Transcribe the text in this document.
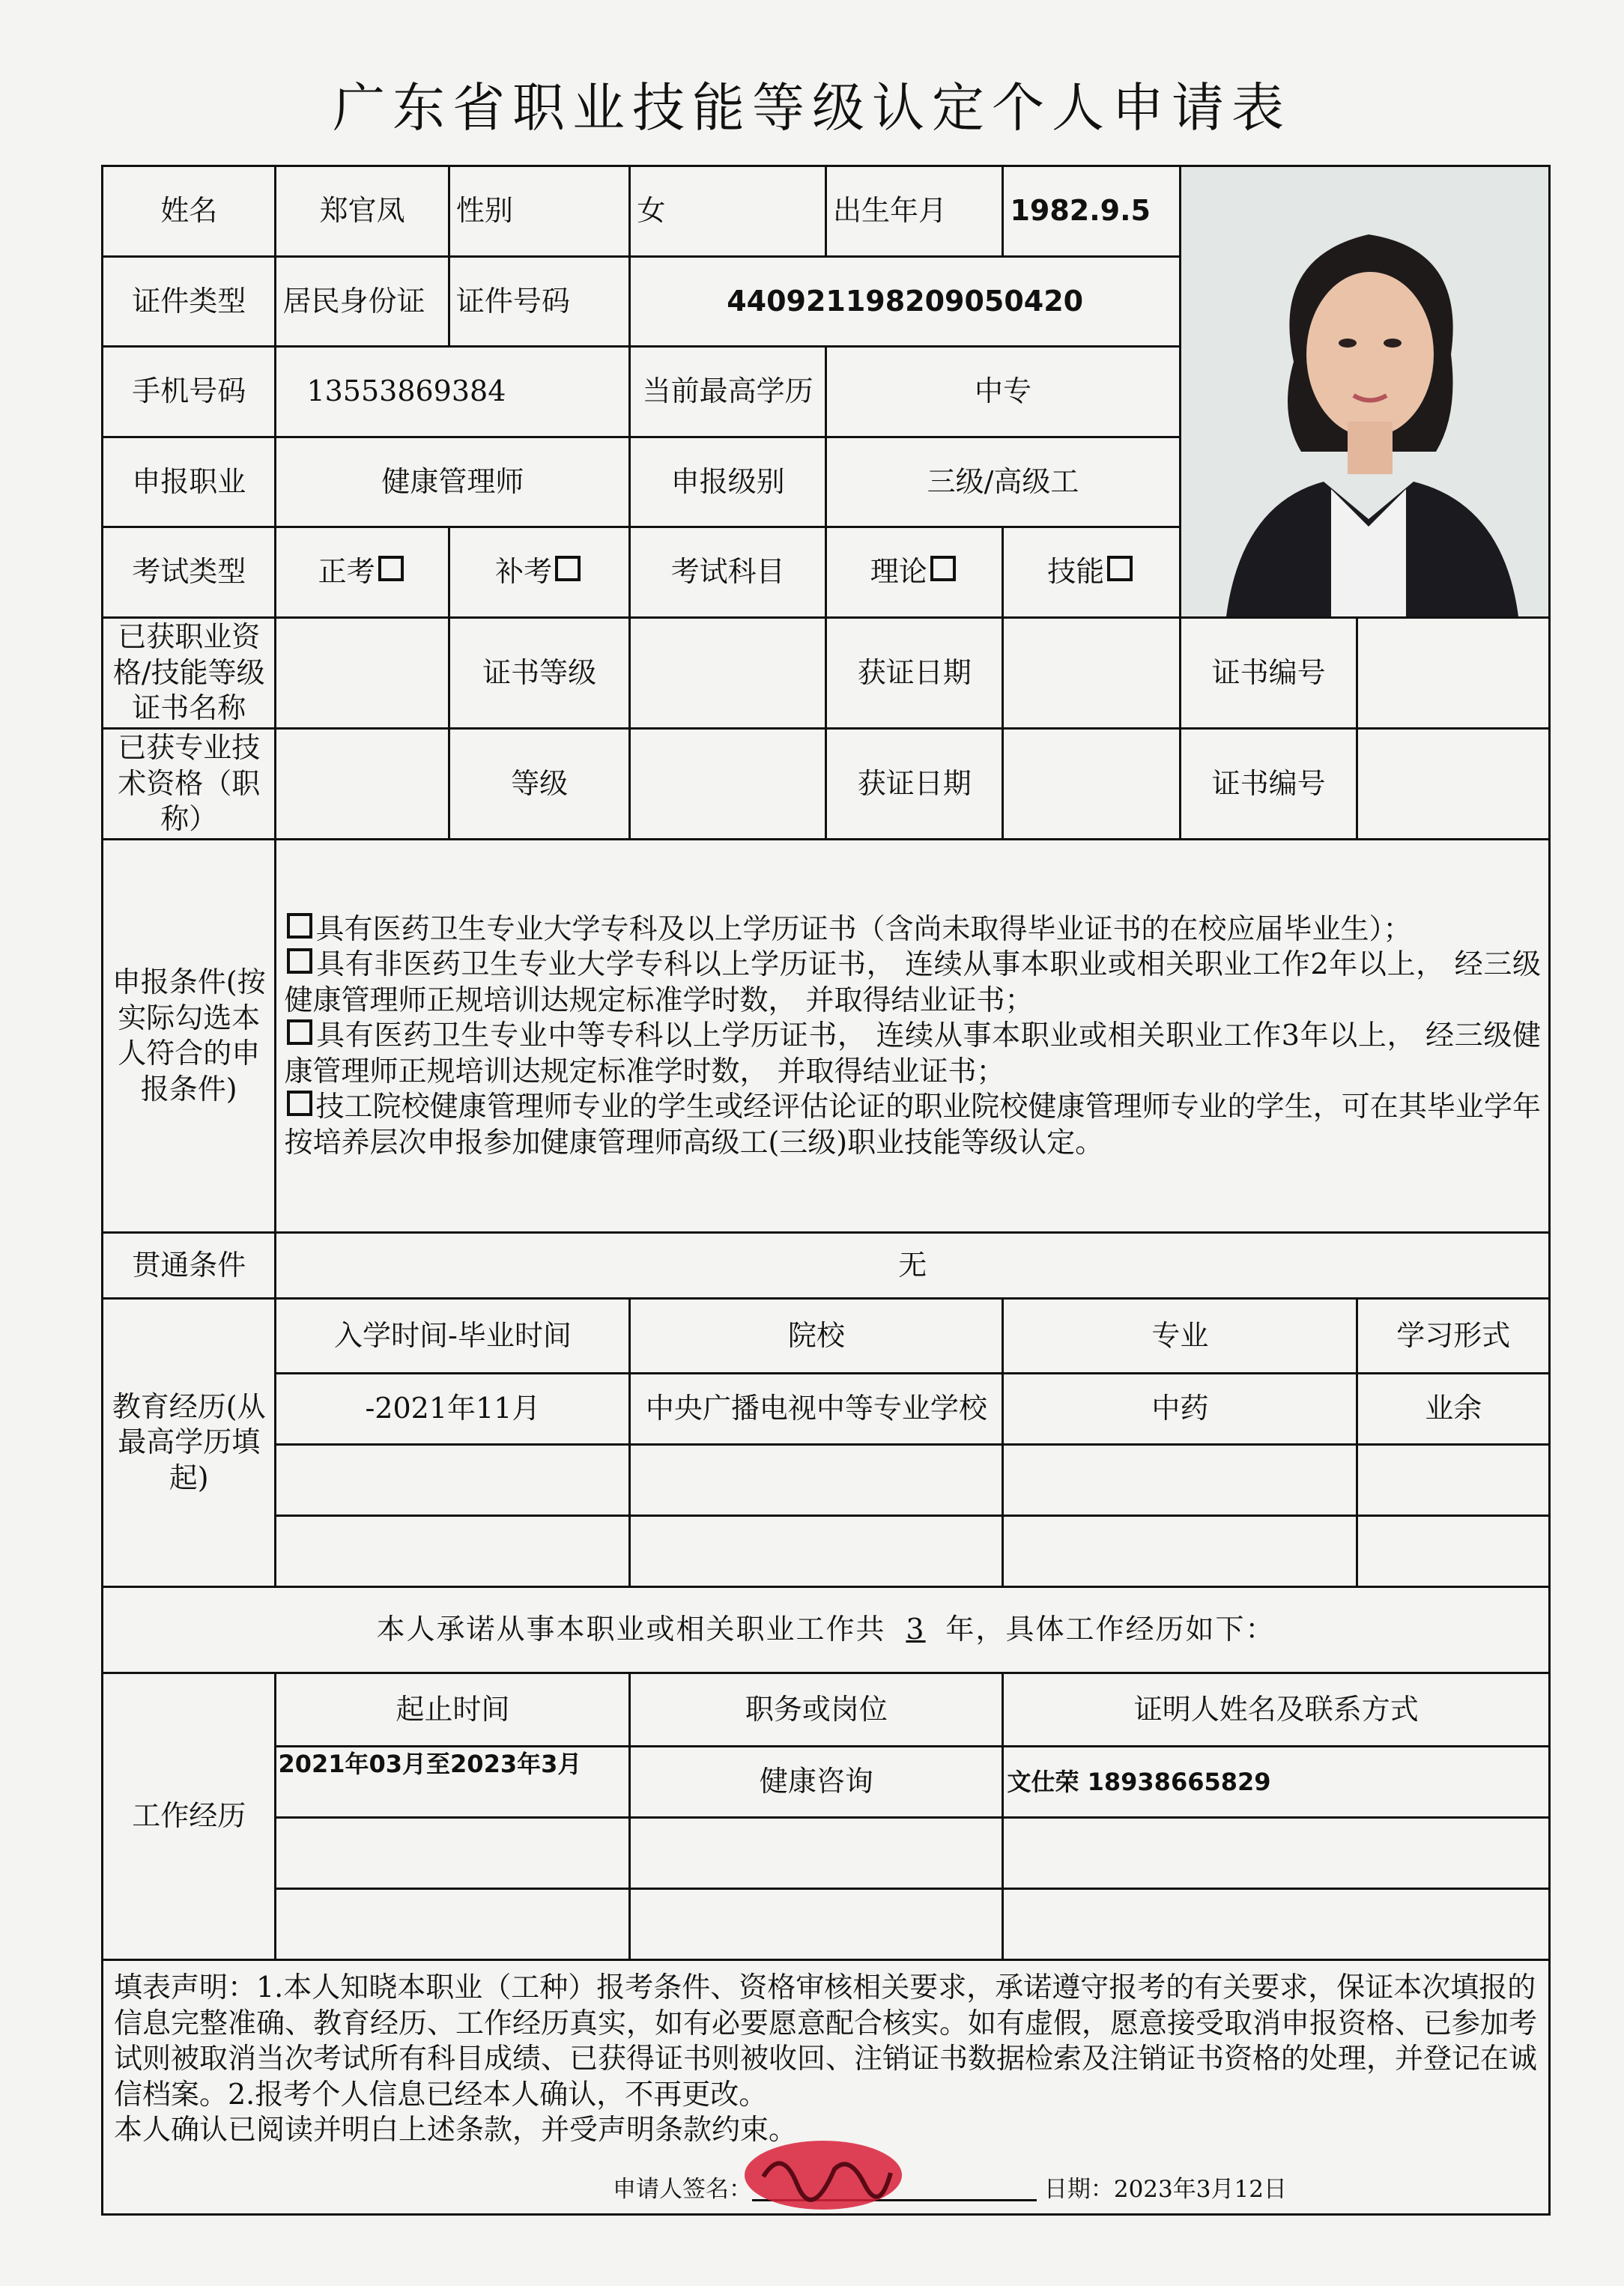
广东省职业技能等级认定个人申请表
姓名	郑官凤	性别	女	出生年月	1982.9.5	

证件类型	居民身份证	证件号码	440921198209050420				
手机号码	13553869384		当前最高学历	中专			
申报职业	健康管理师		申报级别	三级/高级工			
考试类型	正考	补考	考试科目	理论	技能		
已获职业资格/技能等级证书名称		证书等级		获证日期		证书编号	
已获专业技术资格（职称）		等级		获证日期		证书编号	
申报条件(按实际勾选本人符合的申报条件)	具有医药卫生专业大学专科及以上学历证书（含尚未取得毕业证书的在校应届毕业生）；

具有非医药卫生专业大学专科以上学历证书， 连续从事本职业或相关职业工作2年以上， 经三级健康管理师正规培训达规定标准学时数， 并取得结业证书；

具有医药卫生专业中等专科以上学历证书， 连续从事本职业或相关职业工作3年以上， 经三级健康管理师正规培训达规定标准学时数， 并取得结业证书；

技工院校健康管理师专业的学生或经评估论证的职业院校健康管理师专业的学生，可在其毕业学年按培养层次申报参加健康管理师高级工(三级)职业技能等级认定。						

贯通条件	无						
教育经历(从最高学历填起)	入学时间-毕业时间		院校		专业		学习形式
	-2021年11月		中央广播电视中等专业学校		中药		业余

本人承诺从事本职业或相关职业工作共 3 年，具体工作经历如下：							
工作经历	起止时间		职务或岗位		证明人姓名及联系方式		
	2021年03月至2023年3月		健康咨询		文仕荣 18938665829		

填表声明：1.本人知晓本职业（工种）报考条件、资格审核相关要求，承诺遵守报考的有关要求，保证本次填报的信息完整准确、教育经历、工作经历真实，如有必要愿意配合核实。如有虚假，愿意接受取消申报资格、已参加考试则被取消当次考试所有科目成绩、已获得证书则被收回、注销证书数据检索及注销证书资格的处理，并登记在诚信档案。2.报考个人信息已经本人确认，不再更改。

本人确认已阅读并明白上述条款，并受声明条款约束。

申请人签名： 日期：2023年3月12日							
